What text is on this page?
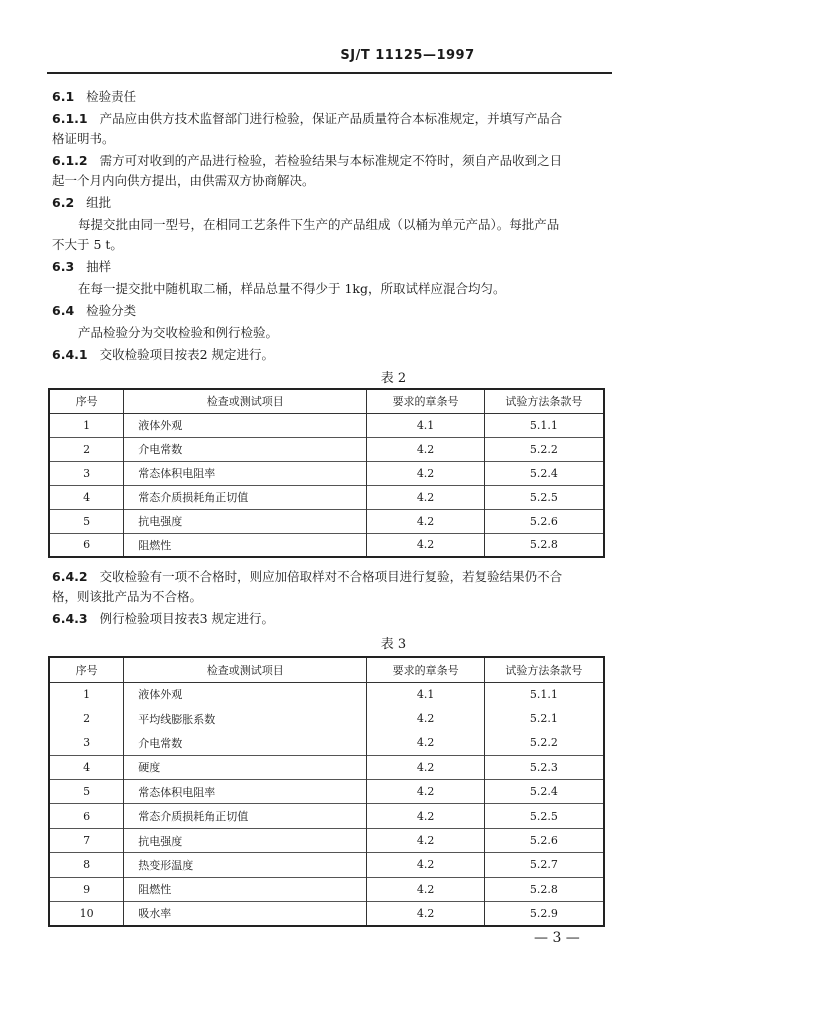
SJ/T 11125—1997
6.1 检验责任
6.1.1 产品应由供方技术监督部门进行检验，保证产品质量符合本标准规定，并填写产品合
格证明书。
6.1.2 需方可对收到的产品进行检验，若检验结果与本标准规定不符时，须自产品收到之日
起一个月内向供方提出，由供需双方协商解决。
6.2 组批
每提交批由同一型号，在相同工艺条件下生产的产品组成（以桶为单元产品）。每批产品
不大于 5 t。
6.3 抽样
在每一提交批中随机取二桶，样品总量不得少于 1kg，所取试样应混合均匀。
6.4 检验分类
产品检验分为交收检验和例行检验。
6.4.1 交收检验项目按表2 规定进行。
表 2
序号	检查或测试项目	要求的章条号	试验方法条款号
1	液体外观	4.1	5.1.1
2	介电常数	4.2	5.2.2
3	常态体积电阻率	4.2	5.2.4
4	常态介质损耗角正切值	4.2	5.2.5
5	抗电强度	4.2	5.2.6
6	阻燃性	4.2	5.2.8
6.4.2 交收检验有一项不合格时，则应加倍取样对不合格项目进行复验，若复验结果仍不合
格，则该批产品为不合格。
6.4.3 例行检验项目按表3 规定进行。
表 3
序号	检查或测试项目	要求的章条号	试验方法条款号
1	液体外观	4.1	5.1.1
2	平均线膨胀系数	4.2	5.2.1
3	介电常数	4.2	5.2.2
4	硬度	4.2	5.2.3
5	常态体积电阻率	4.2	5.2.4
6	常态介质损耗角正切值	4.2	5.2.5
7	抗电强度	4.2	5.2.6
8	热变形温度	4.2	5.2.7
9	阻燃性	4.2	5.2.8
10	吸水率	4.2	5.2.9
— 3 —
